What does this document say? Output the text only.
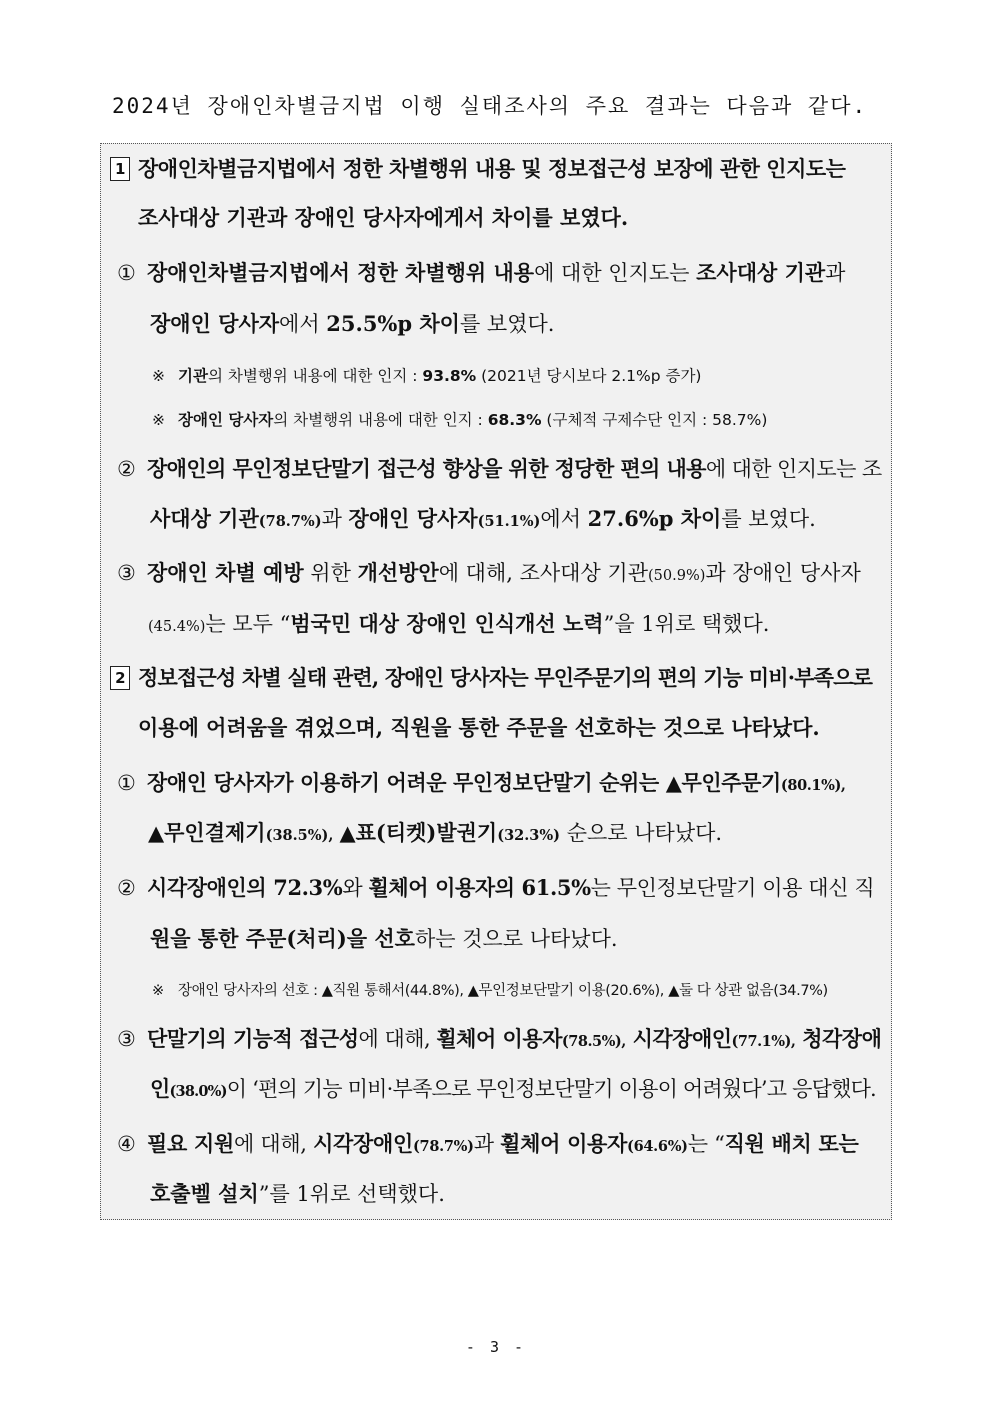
2024년 장애인차별금지법 이행 실태조사의 주요 결과는 다음과 같다.
1 장애인차별금지법에서 정한 차별행위 내용 및 정보접근성 보장에 관한 인지도는
조사대상 기관과 장애인 당사자에게서 차이를 보였다.
① 장애인차별금지법에서 정한 차별행위 내용에 대한 인지도는 조사대상 기관과
장애인 당사자에서 25.5%p 차이를 보였다.
※ 기관의 차별행위 내용에 대한 인지 : 93.8% (2021년 당시보다 2.1%p 증가)
※ 장애인 당사자의 차별행위 내용에 대한 인지 : 68.3% (구체적 구제수단 인지 : 58.7%)
② 장애인의 무인정보단말기 접근성 향상을 위한 정당한 편의 내용에 대한 인지도는 조
사대상 기관(78.7%)과 장애인 당사자(51.1%)에서 27.6%p 차이를 보였다.
③ 장애인 차별 예방 위한 개선방안에 대해, 조사대상 기관(50.9%)과 장애인 당사자
(45.4%)는 모두 “범국민 대상 장애인 인식개선 노력”을 1위로 택했다.
2 정보접근성 차별 실태 관련, 장애인 당사자는 무인주문기의 편의 기능 미비·부족으로
이용에 어려움을 겪었으며, 직원을 통한 주문을 선호하는 것으로 나타났다.
① 장애인 당사자가 이용하기 어려운 무인정보단말기 순위는 ▲무인주문기(80.1%),
▲무인결제기(38.5%), ▲표(티켓)발권기(32.3%) 순으로 나타났다.
② 시각장애인의 72.3%와 휠체어 이용자의 61.5%는 무인정보단말기 이용 대신 직
원을 통한 주문(처리)을 선호하는 것으로 나타났다.
※ 장애인 당사자의 선호 : ▲직원 통해서(44.8%), ▲무인정보단말기 이용(20.6%), ▲둘 다 상관 없음(34.7%)
③ 단말기의 기능적 접근성에 대해, 휠체어 이용자(78.5%), 시각장애인(77.1%), 청각장애
인(38.0%)이 ‘편의 기능 미비·부족으로 무인정보단말기 이용이 어려웠다’고 응답했다.
④ 필요 지원에 대해, 시각장애인(78.7%)과 휠체어 이용자(64.6%)는 “직원 배치 또는
호출벨 설치”를 1위로 선택했다.
- 3 -
